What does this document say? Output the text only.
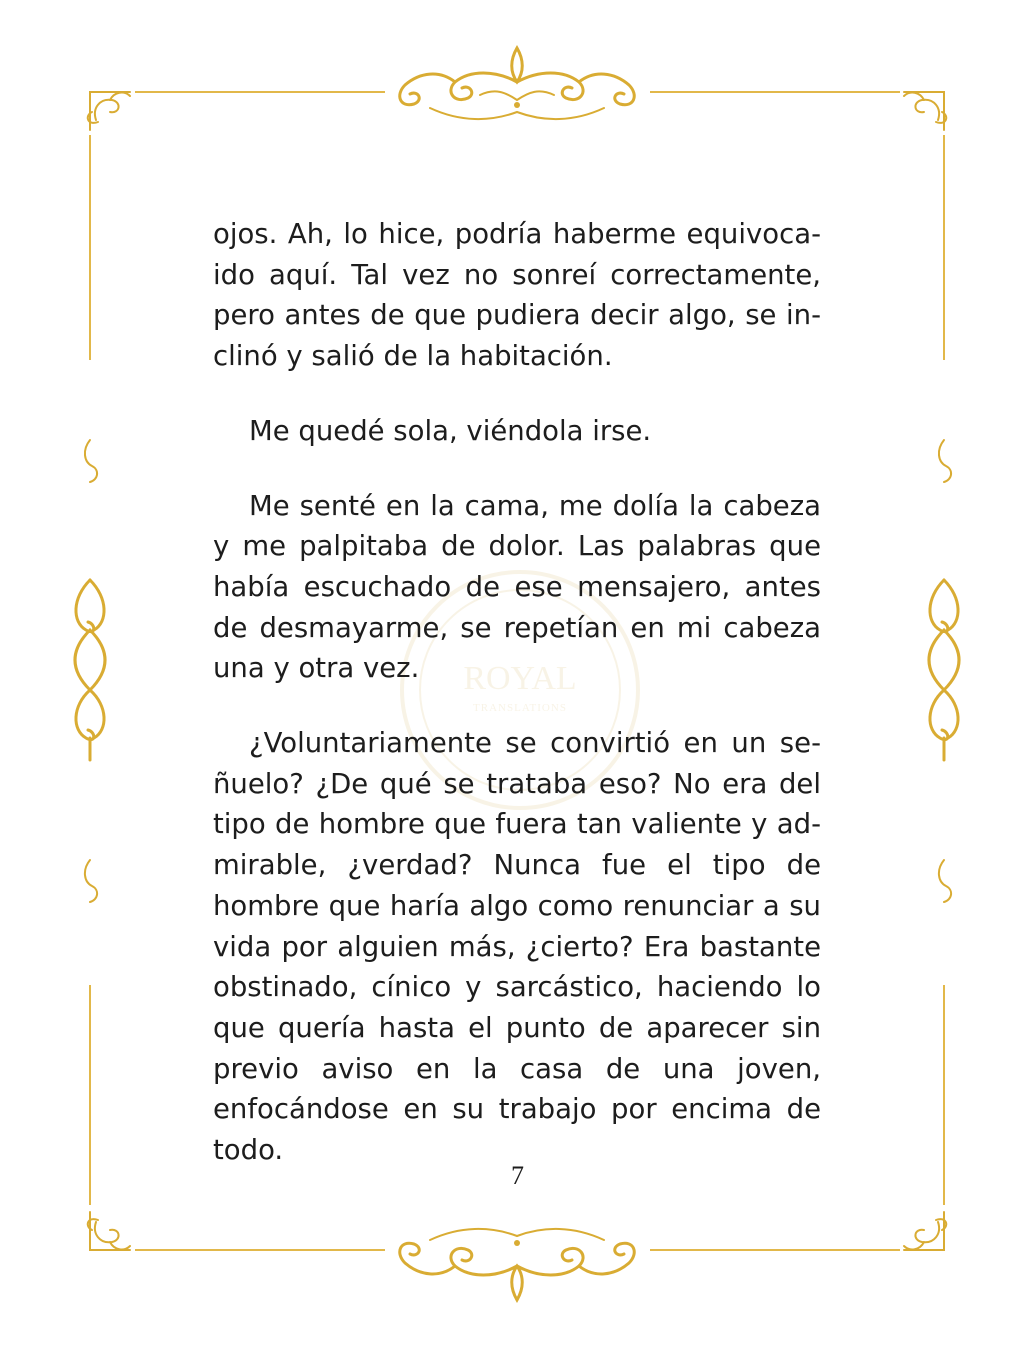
ROYAL
TRANSLATIONS

ojos. Ah, lo hice, podría haberme equivocaido aquí. Tal vez no sonreí correctamente, pero antes de que pudiera decir algo, se inclinó y salió de la habitación.

Me quedé sola, viéndola irse.

Me senté en la cama, me dolía la cabeza y me palpitaba de dolor. Las palabras que había escuchado de ese mensajero, antes de desmayarme, se repetían en mi cabeza una y otra vez.

¿Voluntariamente se convirtió en un señuelo? ¿De qué se trataba eso? No era del tipo de hombre que fuera tan valiente y admirable, ¿verdad? Nunca fue el tipo de hombre que haría algo como renunciar a su vida por alguien más, ¿cierto? Era bastante obstinado, cínico y sarcástico, haciendo lo que quería hasta el punto de aparecer sin previo aviso en la casa de una joven, enfocándose en su trabajo por encima de todo.

7
